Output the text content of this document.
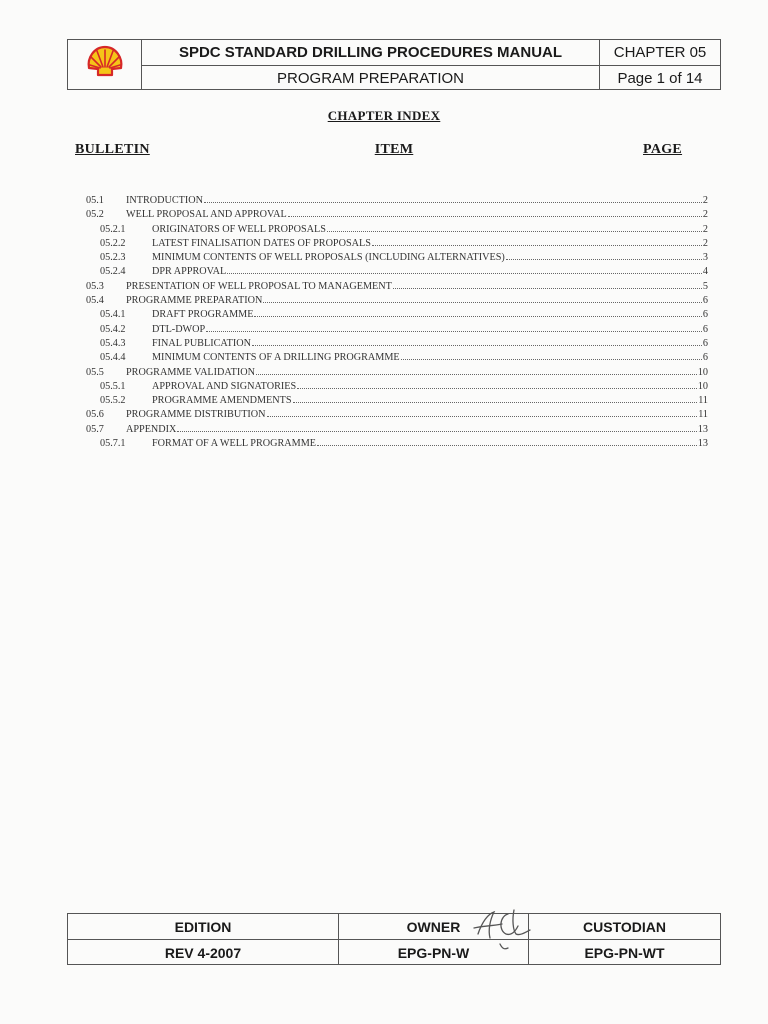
SPDC STANDARD DRILLING PROCEDURES MANUAL	CHAPTER 05
PROGRAM PREPARATION	Page 1 of 14
CHAPTER INDEX
BULLETIN	ITEM	PAGE
05.1	INTRODUCTION	2
05.2	WELL PROPOSAL AND APPROVAL	2
05.2.1	ORIGINATORS OF WELL PROPOSALS	2
05.2.2	LATEST FINALISATION DATES OF PROPOSALS	2
05.2.3	MINIMUM CONTENTS OF WELL PROPOSALS (INCLUDING ALTERNATIVES)	3
05.2.4	DPR APPROVAL	4
05.3	PRESENTATION OF WELL PROPOSAL TO MANAGEMENT	5
05.4	PROGRAMME PREPARATION	6
05.4.1	DRAFT PROGRAMME	6
05.4.2	DTL-DWOP	6
05.4.3	FINAL PUBLICATION	6
05.4.4	MINIMUM CONTENTS OF A DRILLING PROGRAMME	6
05.5	PROGRAMME VALIDATION	10
05.5.1	APPROVAL AND SIGNATORIES	10
05.5.2	PROGRAMME AMENDMENTS	11
05.6	PROGRAMME DISTRIBUTION	11
05.7	APPENDIX	13
05.7.1	FORMAT OF A WELL PROGRAMME	13
EDITION	OWNER	CUSTODIAN
REV 4-2007	EPG-PN-W	EPG-PN-WT
